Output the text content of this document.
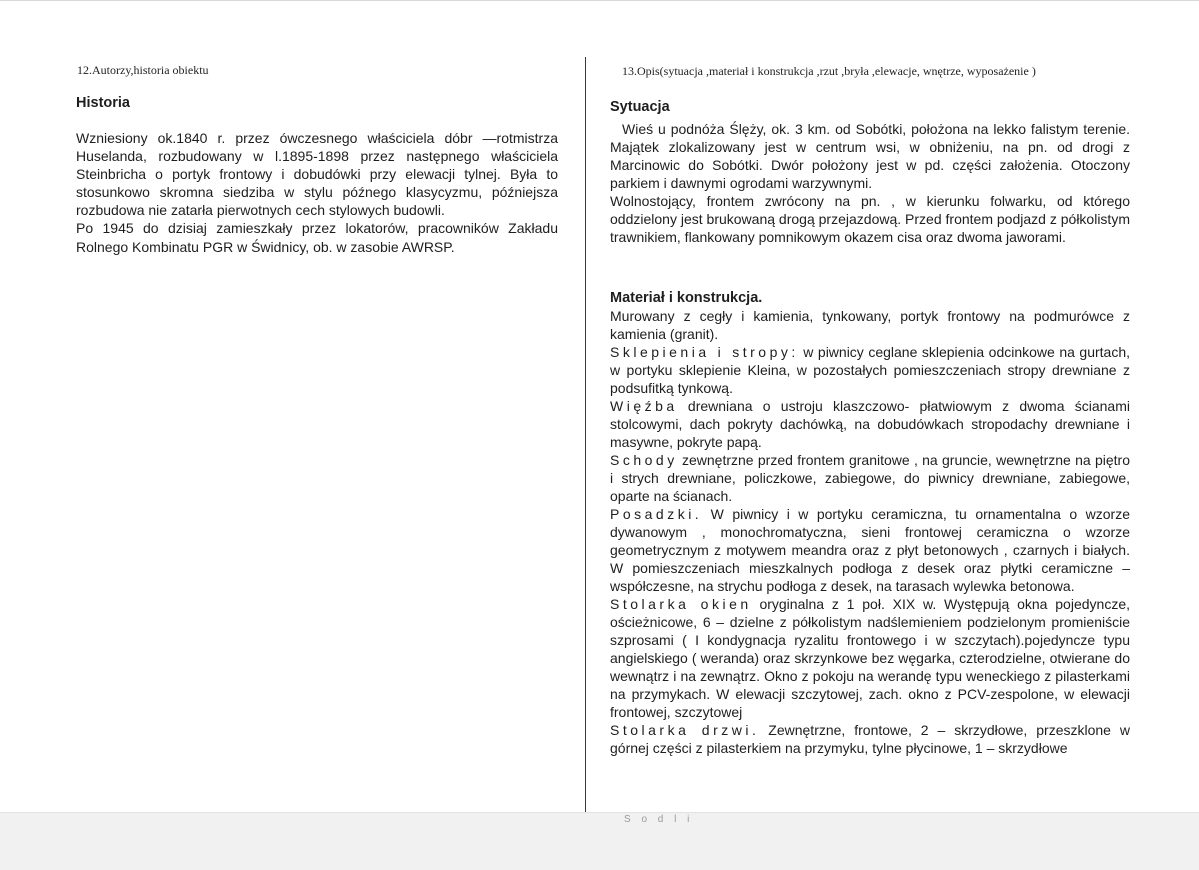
12.Autorzy,historia obiektu
Historia

Wzniesiony ok.1840 r. przez ówczesnego właściciela dóbr —rotmistrza Huselanda, rozbudowany w l.1895-1898 przez następnego właściciela Steinbricha o portyk frontowy i dobudówki przy elewacji tylnej. Była to stosunkowo skromna siedziba w stylu późnego klasycyzmu, późniejsza rozbudowa nie zatarła pierwotnych cech stylowych budowli.

Po 1945 do dzisiaj zamieszkały przez lokatorów, pracowników Zakładu Rolnego Kombinatu PGR w Świdnicy, ob. w zasobie AWRSP.

13.Opis(sytuacja ,materiał i konstrukcja ,rzut ,bryła ,elewacje, wnętrze, wyposażenie )
Sytuacja

Wieś u podnóża Ślęży, ok. 3 km. od Sobótki, położona na lekko falistym terenie. Majątek zlokalizowany jest w centrum wsi, w obniżeniu, na pn. od drogi z Marcinowic do Sobótki. Dwór położony jest w pd. części założenia. Otoczony parkiem i dawnymi ogrodami warzywnymi.

Wolnostojący, frontem zwrócony na pn. , w kierunku folwarku, od którego oddzielony jest brukowaną drogą przejazdową. Przed frontem podjazd z półkolistym trawnikiem, flankowany pomnikowym okazem cisa oraz dwoma jaworami.

Materiał i konstrukcja.

Murowany z cegły i kamienia, tynkowany, portyk frontowy na podmurówce z kamienia (granit).

Sklepienia i stropy: w piwnicy ceglane sklepienia odcinkowe na gurtach, w portyku sklepienie Kleina, w pozostałych pomieszczeniach stropy drewniane z podsufitką tynkową.

Więźba drewniana o ustroju klaszczowo- płatwiowym z dwoma ścianami stolcowymi, dach pokryty dachówką, na dobudówkach stropodachy drewniane i masywne, pokryte papą.

Schody zewnętrzne przed frontem granitowe , na gruncie, wewnętrzne na piętro i strych drewniane, policzkowe, zabiegowe, do piwnicy drewniane, zabiegowe, oparte na ścianach.

Posadzki. W piwnicy i w portyku ceramiczna, tu ornamentalna o wzorze dywanowym , monochromatyczna, sieni frontowej ceramiczna o wzorze geometrycznym z motywem meandra oraz z płyt betonowych , czarnych i białych. W pomieszczeniach mieszkalnych podłoga z desek oraz płytki ceramiczne – współczesne, na strychu podłoga z desek, na tarasach wylewka betonowa.

Stolarka okien oryginalna z 1 poł. XIX w. Występują okna pojedyncze, ościeżnicowe, 6 – dzielne z półkolistym nadślemieniem podzielonym promieniście szprosami ( I kondygnacja ryzalitu frontowego i w szczytach).pojedyncze typu angielskiego ( weranda) oraz skrzynkowe bez węgarka, czterodzielne, otwierane do wewnątrz i na zewnątrz. Okno z pokoju na werandę typu weneckiego z pilasterkami na przymykach. W elewacji szczytowej, zach. okno z PCV-zespolone, w elewacji frontowej, szczytowej

Stolarka drzwi. Zewnętrzne, frontowe, 2 – skrzydłowe, przeszklone w górnej części z pilasterkiem na przymyku, tylne płycinowe, 1 – skrzydłowe

S o d l i
